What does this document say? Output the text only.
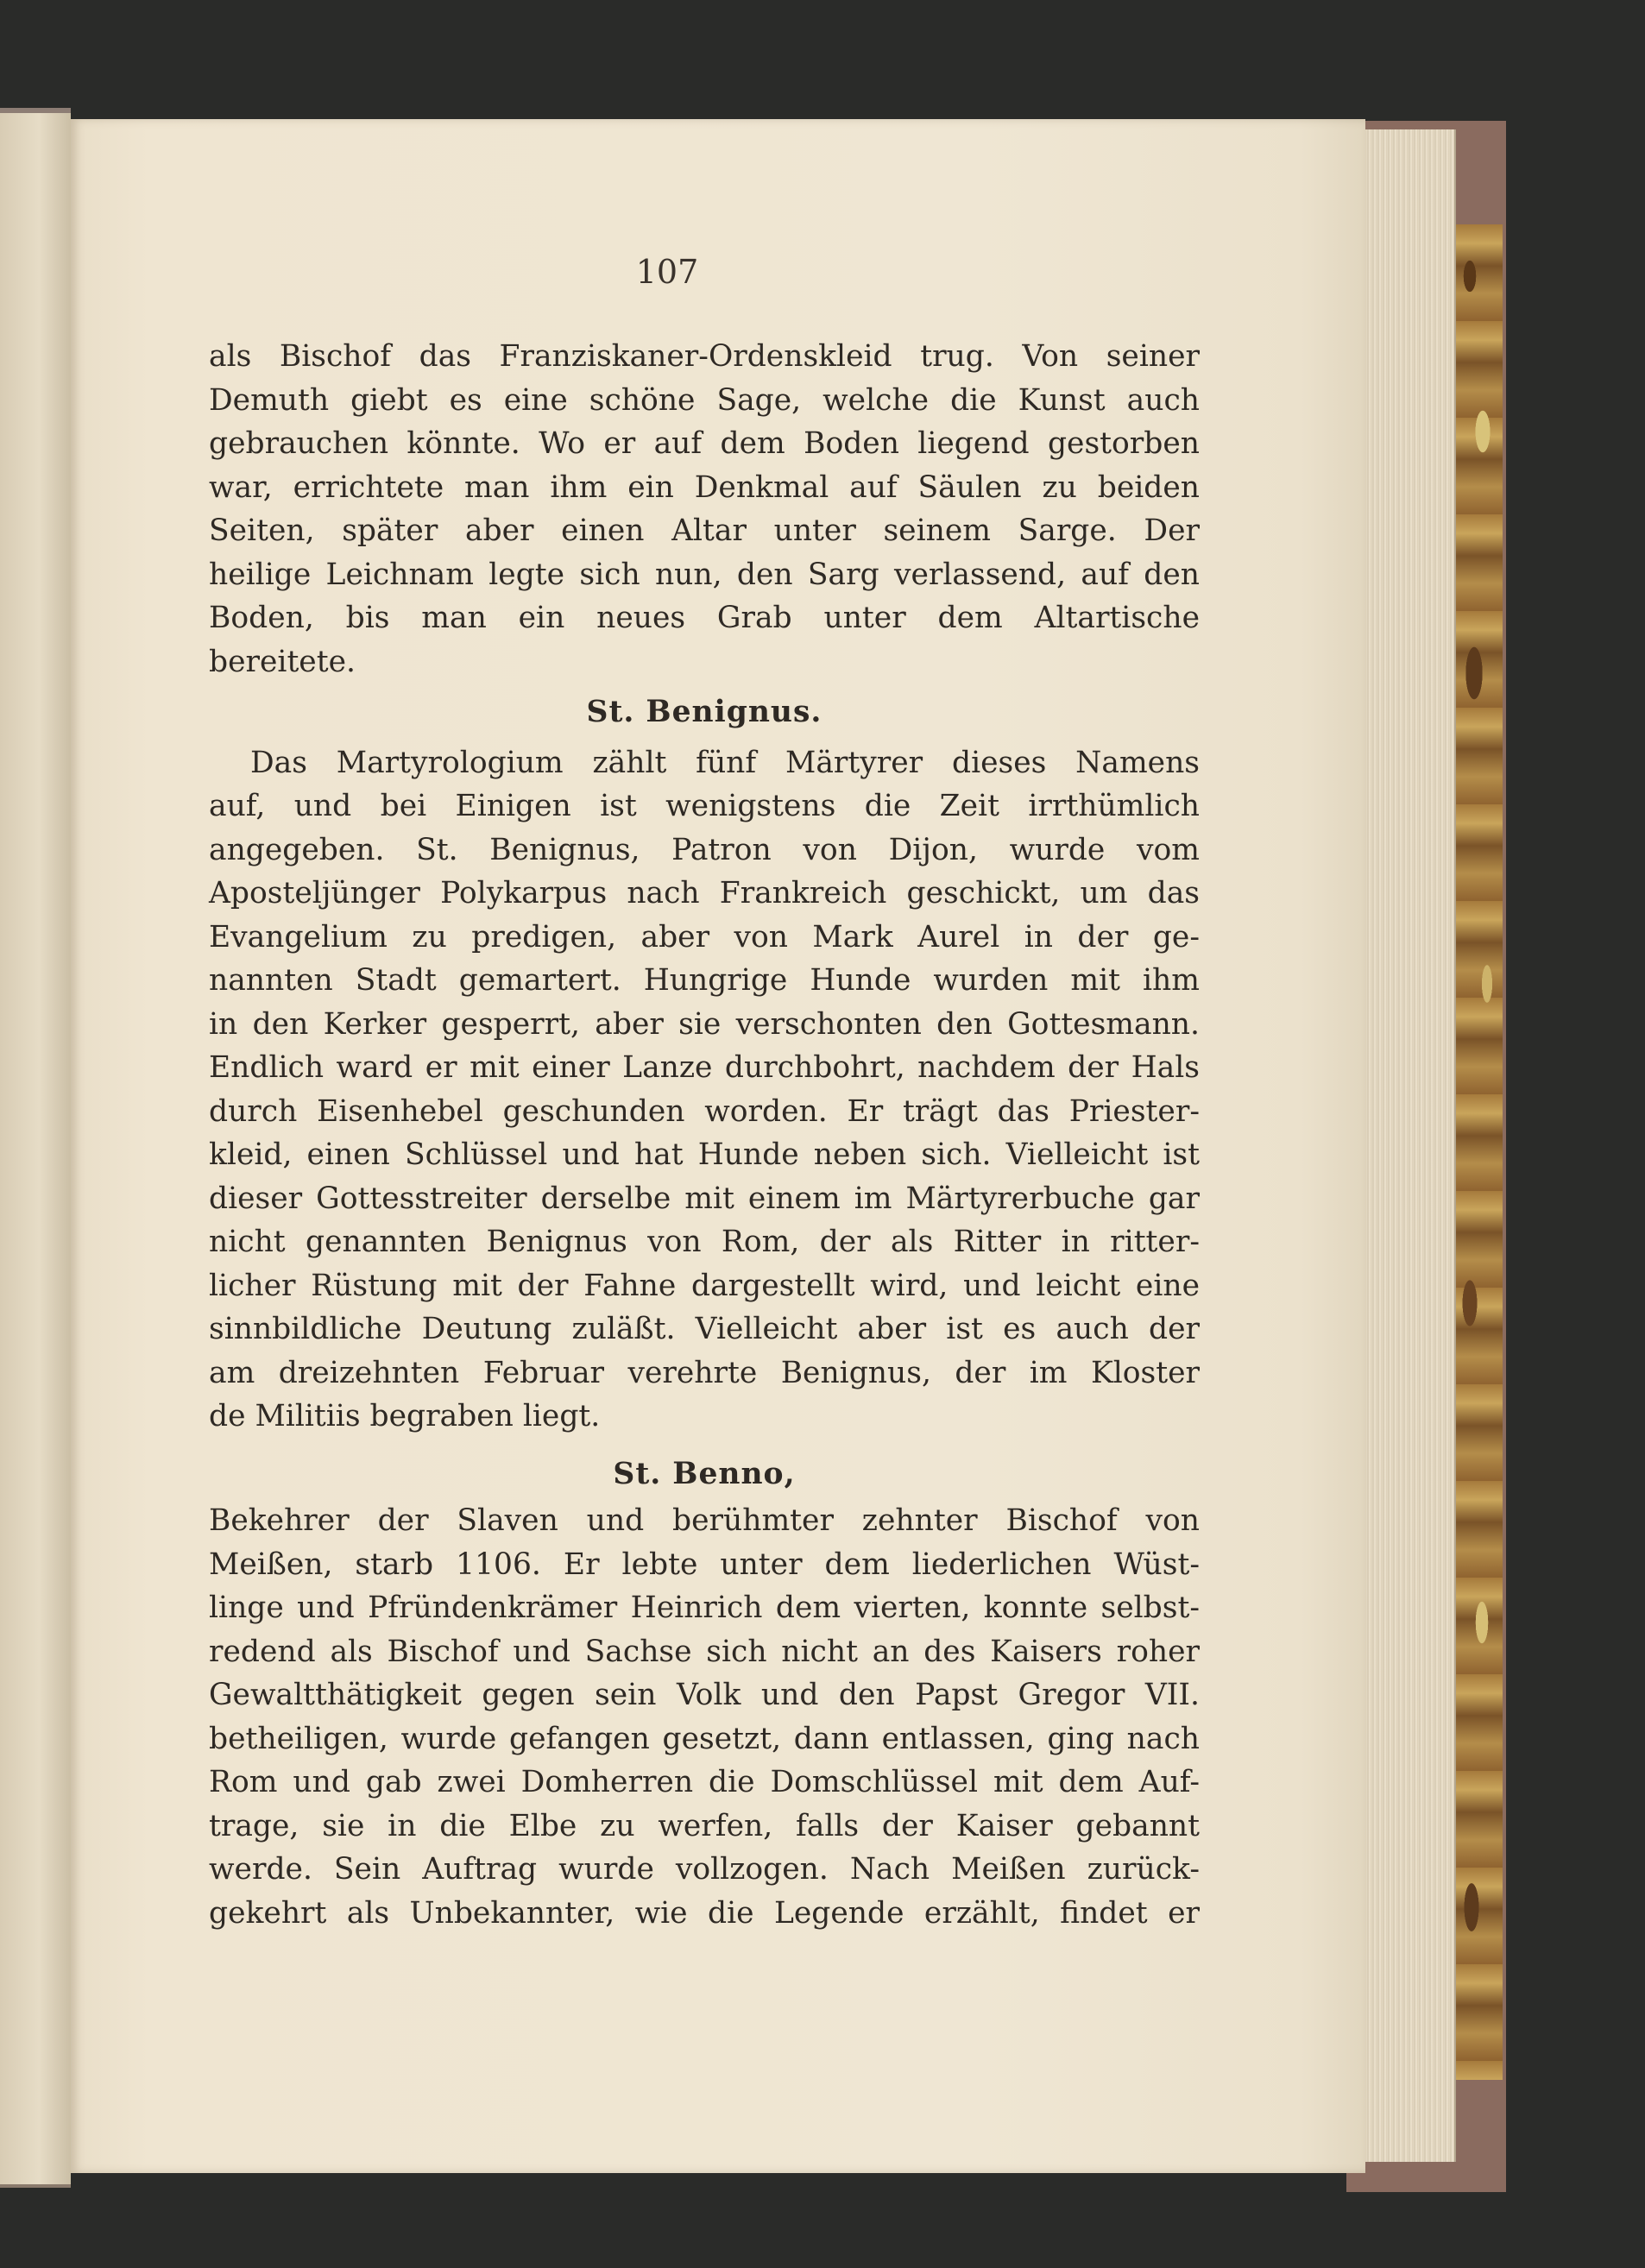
107
als Bischof das Franziskaner-Ordenskleid trug. Von seiner
Demuth giebt es eine schöne Sage, welche die Kunst auch
gebrauchen könnte. Wo er auf dem Boden liegend gestorben
war, errichtete man ihm ein Denkmal auf Säulen zu beiden
Seiten, später aber einen Altar unter seinem Sarge. Der
heilige Leichnam legte sich nun, den Sarg verlassend, auf den
Boden, bis man ein neues Grab unter dem Altartische
bereitete.
St. Benignus.
Das Martyrologium zählt fünf Märtyrer dieses Namens
auf, und bei Einigen ist wenigstens die Zeit irrthümlich
angegeben. St. Benignus, Patron von Dijon, wurde vom
Apostelјünger Polykarpus nach Frankreich geschickt, um das
Evangelium zu predigen, aber von Mark Aurel in der ge-
nannten Stadt gemartert. Hungrige Hunde wurden mit ihm
in den Kerker gesperrt, aber sie verschonten den Gottesmann.
Endlich ward er mit einer Lanze durchbohrt, nachdem der Hals
durch Eisenhebel geschunden worden. Er trägt das Priester-
kleid, einen Schlüssel und hat Hunde neben sich. Vielleicht ist
dieser Gottesstreiter derselbe mit einem im Märtyrerbuche gar
nicht genannten Benignus von Rom, der als Ritter in ritter-
licher Rüstung mit der Fahne dargestellt wird, und leicht eine
sinnbildliche Deutung zuläßt. Vielleicht aber ist es auch der
am dreizehnten Februar verehrte Benignus, der im Kloster
de Militiis begraben liegt.
St. Benno,
Bekehrer der Slaven und berühmter zehnter Bischof von
Meißen, starb 1106. Er lebte unter dem liederlichen Wüst-
linge und Pfründenkrämer Heinrich dem vierten, konnte selbst-
redend als Bischof und Sachse sich nicht an des Kaisers roher
Gewaltthätigkeit gegen sein Volk und den Papst Gregor VII.
betheiligen, wurde gefangen gesetzt, dann entlassen, ging nach
Rom und gab zwei Domherren die Domschlüssel mit dem Auf-
trage, sie in die Elbe zu werfen, falls der Kaiser gebannt
werde. Sein Auftrag wurde vollzogen. Nach Meißen zurück-
gekehrt als Unbekannter, wie die Legende erzählt, findet er
